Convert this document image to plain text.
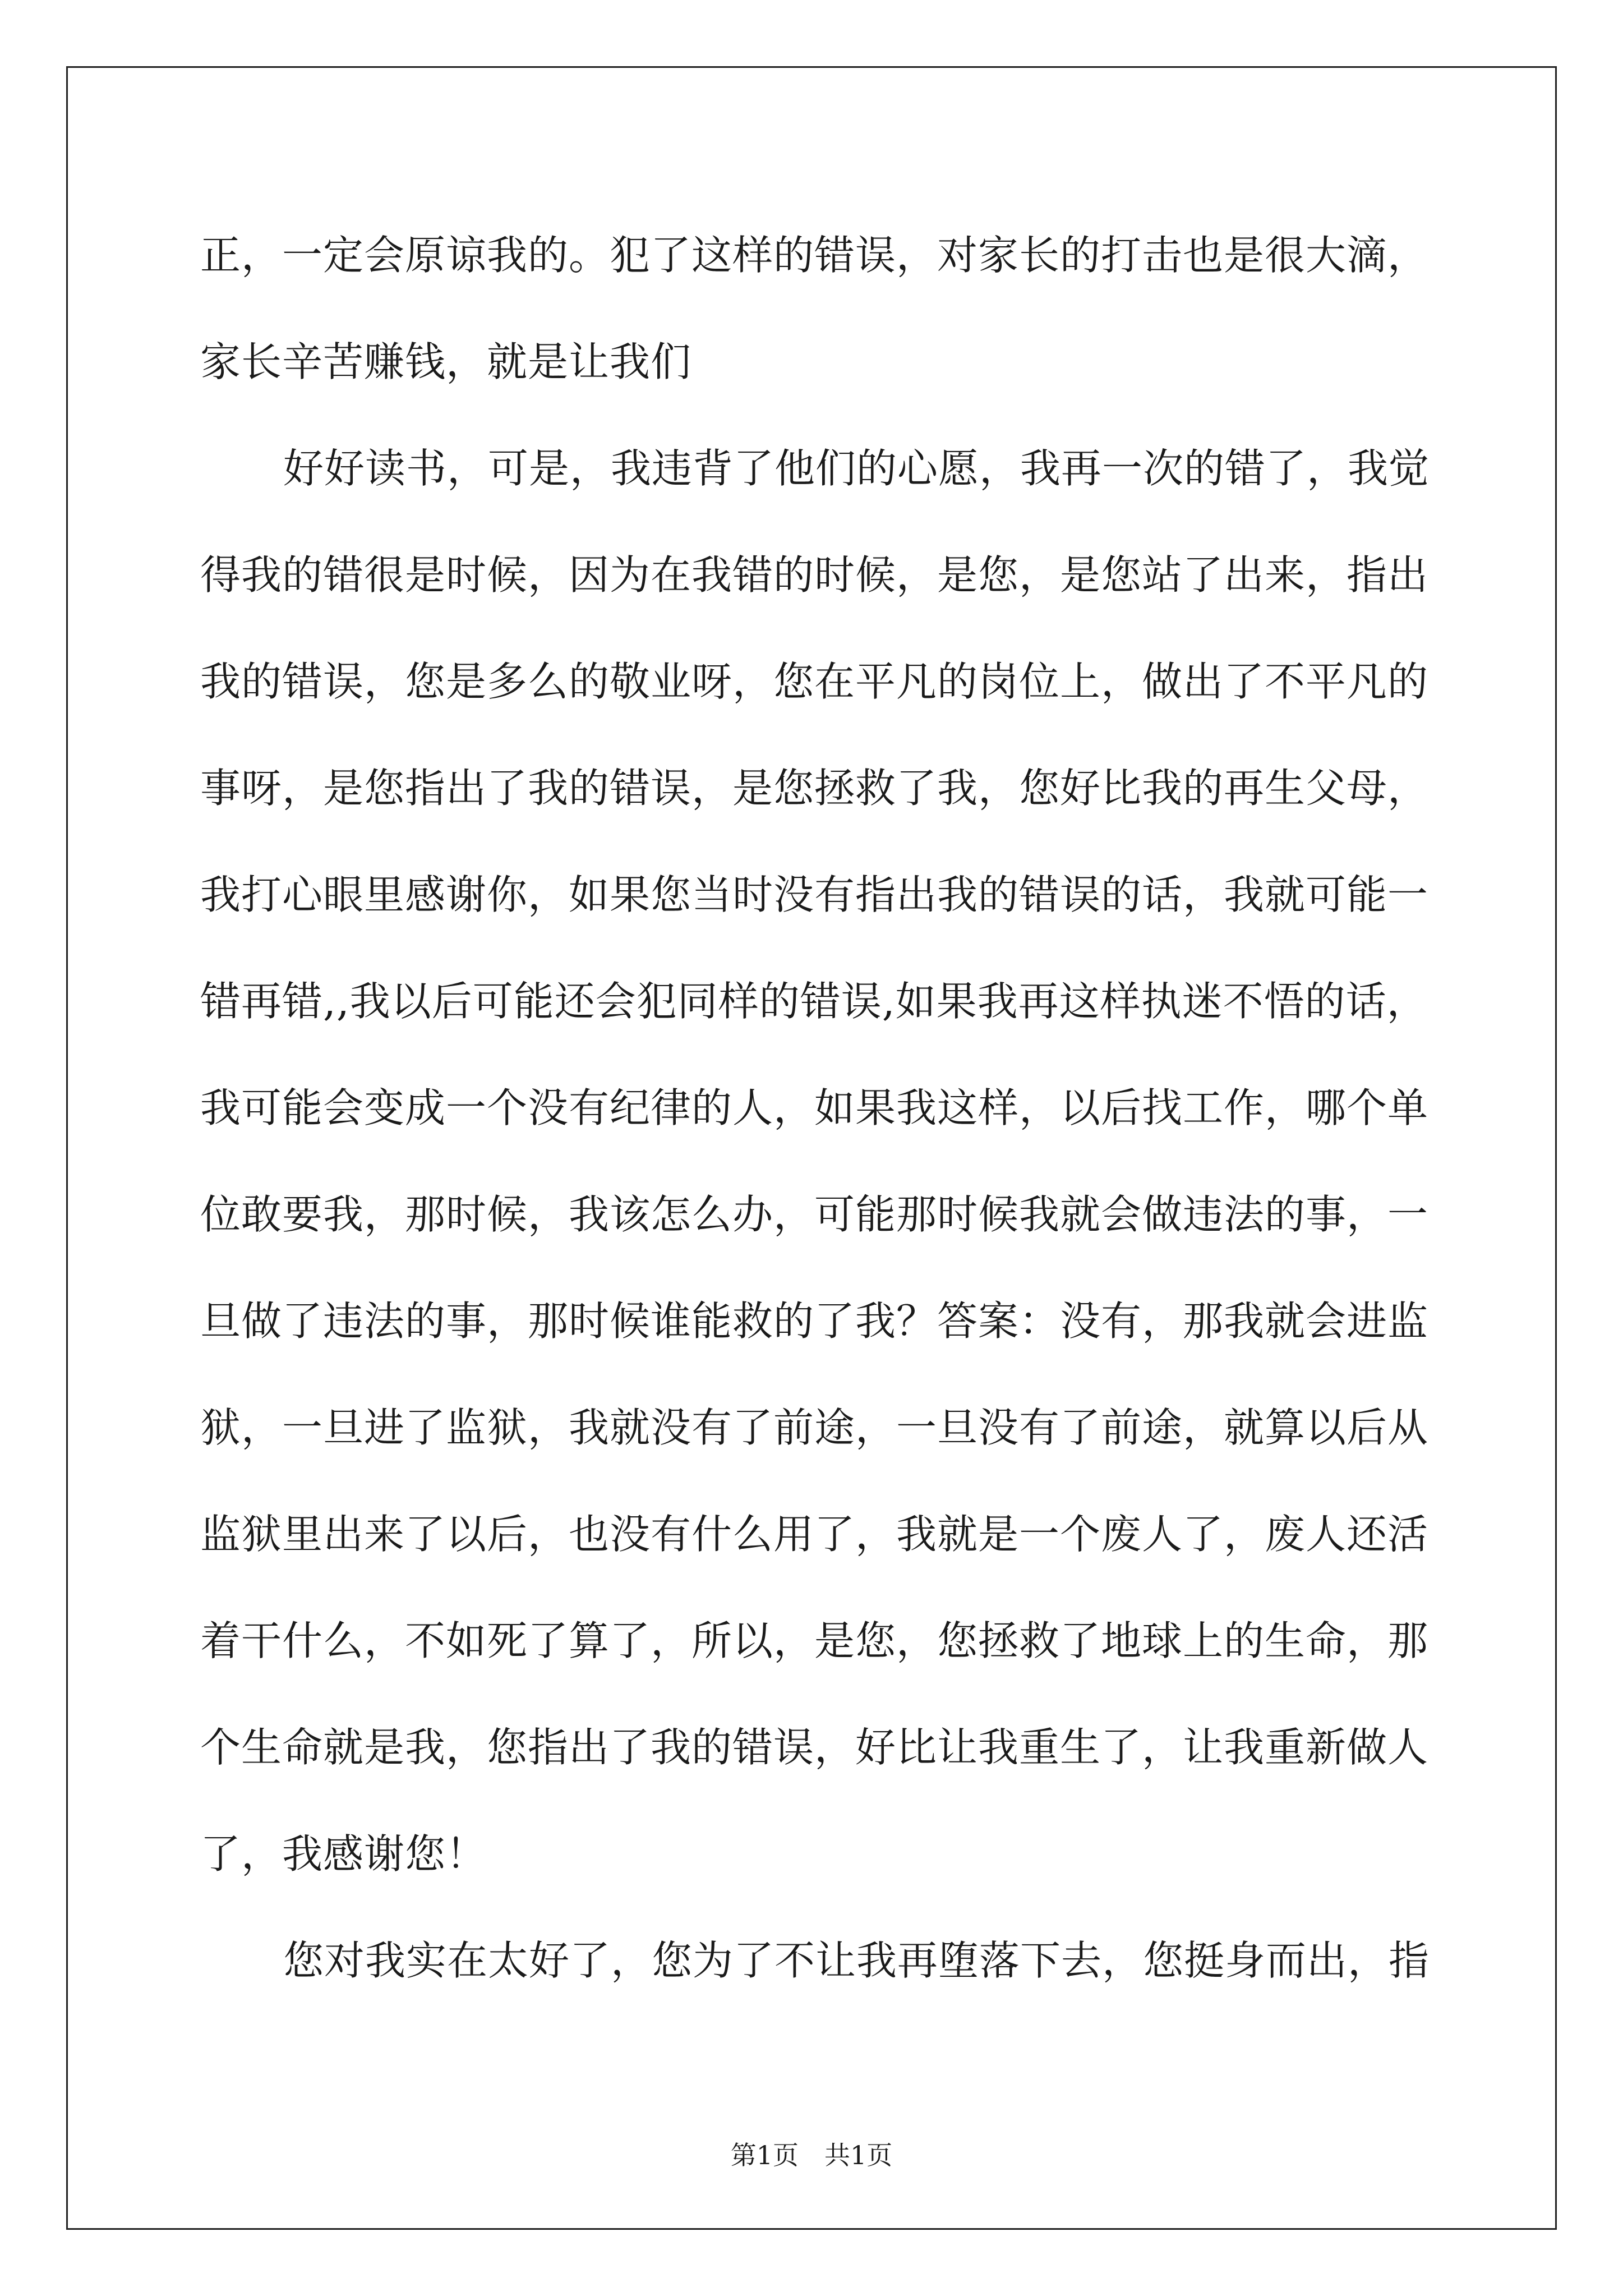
正，一定会原谅我的。犯了这样的错误，对家长的打击也是很大滴，
家长辛苦赚钱，就是让我们
好好读书，可是，我违背了他们的心愿，我再一次的错了，我觉
得我的错很是时候，因为在我错的时候，是您，是您站了出来，指出
我的错误，您是多么的敬业呀，您在平凡的岗位上，做出了不平凡的
事呀，是您指出了我的错误，是您拯救了我，您好比我的再生父母，
我打心眼里感谢你，如果您当时没有指出我的错误的话，我就可能一
错再错,,我以后可能还会犯同样的错误,如果我再这样执迷不悟的话，
我可能会变成一个没有纪律的人，如果我这样，以后找工作，哪个单
位敢要我，那时候，我该怎么办，可能那时候我就会做违法的事，一
旦做了违法的事，那时候谁能救的了我？答案：没有，那我就会进监
狱，一旦进了监狱，我就没有了前途，一旦没有了前途，就算以后从
监狱里出来了以后，也没有什么用了，我就是一个废人了，废人还活
着干什么，不如死了算了，所以，是您，您拯救了地球上的生命，那
个生命就是我，您指出了我的错误，好比让我重生了，让我重新做人
了，我感谢您！
您对我实在太好了，您为了不让我再堕落下去，您挺身而出，指
第1页　共1页
